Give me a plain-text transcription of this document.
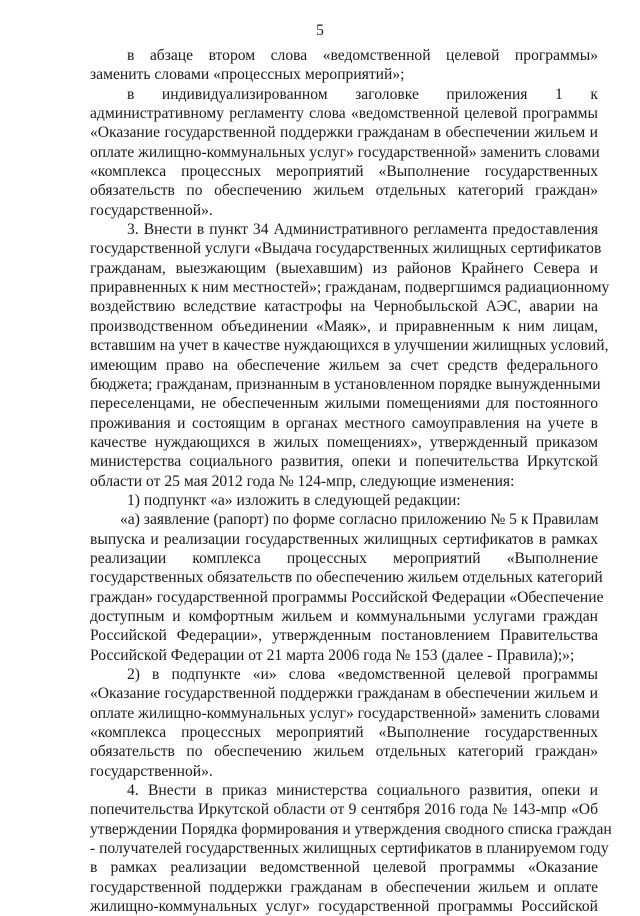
5
в абзаце втором слова «ведомственной целевой программы»
заменить словами «процессных мероприятий»;
в индивидуализированном заголовке приложения 1 к
административному регламенту слова «ведомственной целевой программы
«Оказание государственной поддержки гражданам в обеспечении жильем и
оплате жилищно-коммунальных услуг» государственной» заменить словами
«комплекса процессных мероприятий «Выполнение государственных
обязательств по обеспечению жильем отдельных категорий граждан»
государственной».
3. Внести в пункт 34 Административного регламента предоставления
государственной услуги «Выдача государственных жилищных сертификатов
гражданам, выезжающим (выехавшим) из районов Крайнего Севера и
приравненных к ним местностей»; гражданам, подвергшимся радиационному
воздействию вследствие катастрофы на Чернобыльской АЭС, аварии на
производственном объединении «Маяк», и приравненным к ним лицам,
вставшим на учет в качестве нуждающихся в улучшении жилищных условий,
имеющим право на обеспечение жильем за счет средств федерального
бюджета; гражданам, признанным в установленном порядке вынужденными
переселенцами, не обеспеченным жилыми помещениями для постоянного
проживания и состоящим в органах местного самоуправления на учете в
качестве нуждающихся в жилых помещениях», утвержденный приказом
министерства социального развития, опеки и попечительства Иркутской
области от 25 мая 2012 года № 124-мпр, следующие изменения:
1) подпункт «а» изложить в следующей редакции:
«а) заявление (рапорт) по форме согласно приложению № 5 к Правилам
выпуска и реализации государственных жилищных сертификатов в рамках
реализации комплекса процессных мероприятий «Выполнение
государственных обязательств по обеспечению жильем отдельных категорий
граждан» государственной программы Российской Федерации «Обеспечение
доступным и комфортным жильем и коммунальными услугами граждан
Российской Федерации», утвержденным постановлением Правительства
Российской Федерации от 21 марта 2006 года № 153 (далее - Правила);»;
2) в подпункте «и» слова «ведомственной целевой программы
«Оказание государственной поддержки гражданам в обеспечении жильем и
оплате жилищно-коммунальных услуг» государственной» заменить словами
«комплекса процессных мероприятий «Выполнение государственных
обязательств по обеспечению жильем отдельных категорий граждан»
государственной».
4. Внести в приказ министерства социального развития, опеки и
попечительства Иркутской области от 9 сентября 2016 года № 143-мпр «Об
утверждении Порядка формирования и утверждения сводного списка граждан
- получателей государственных жилищных сертификатов в планируемом году
в рамках реализации ведомственной целевой программы «Оказание
государственной поддержки гражданам в обеспечении жильем и оплате
жилищно-коммунальных услуг» государственной программы Российской
